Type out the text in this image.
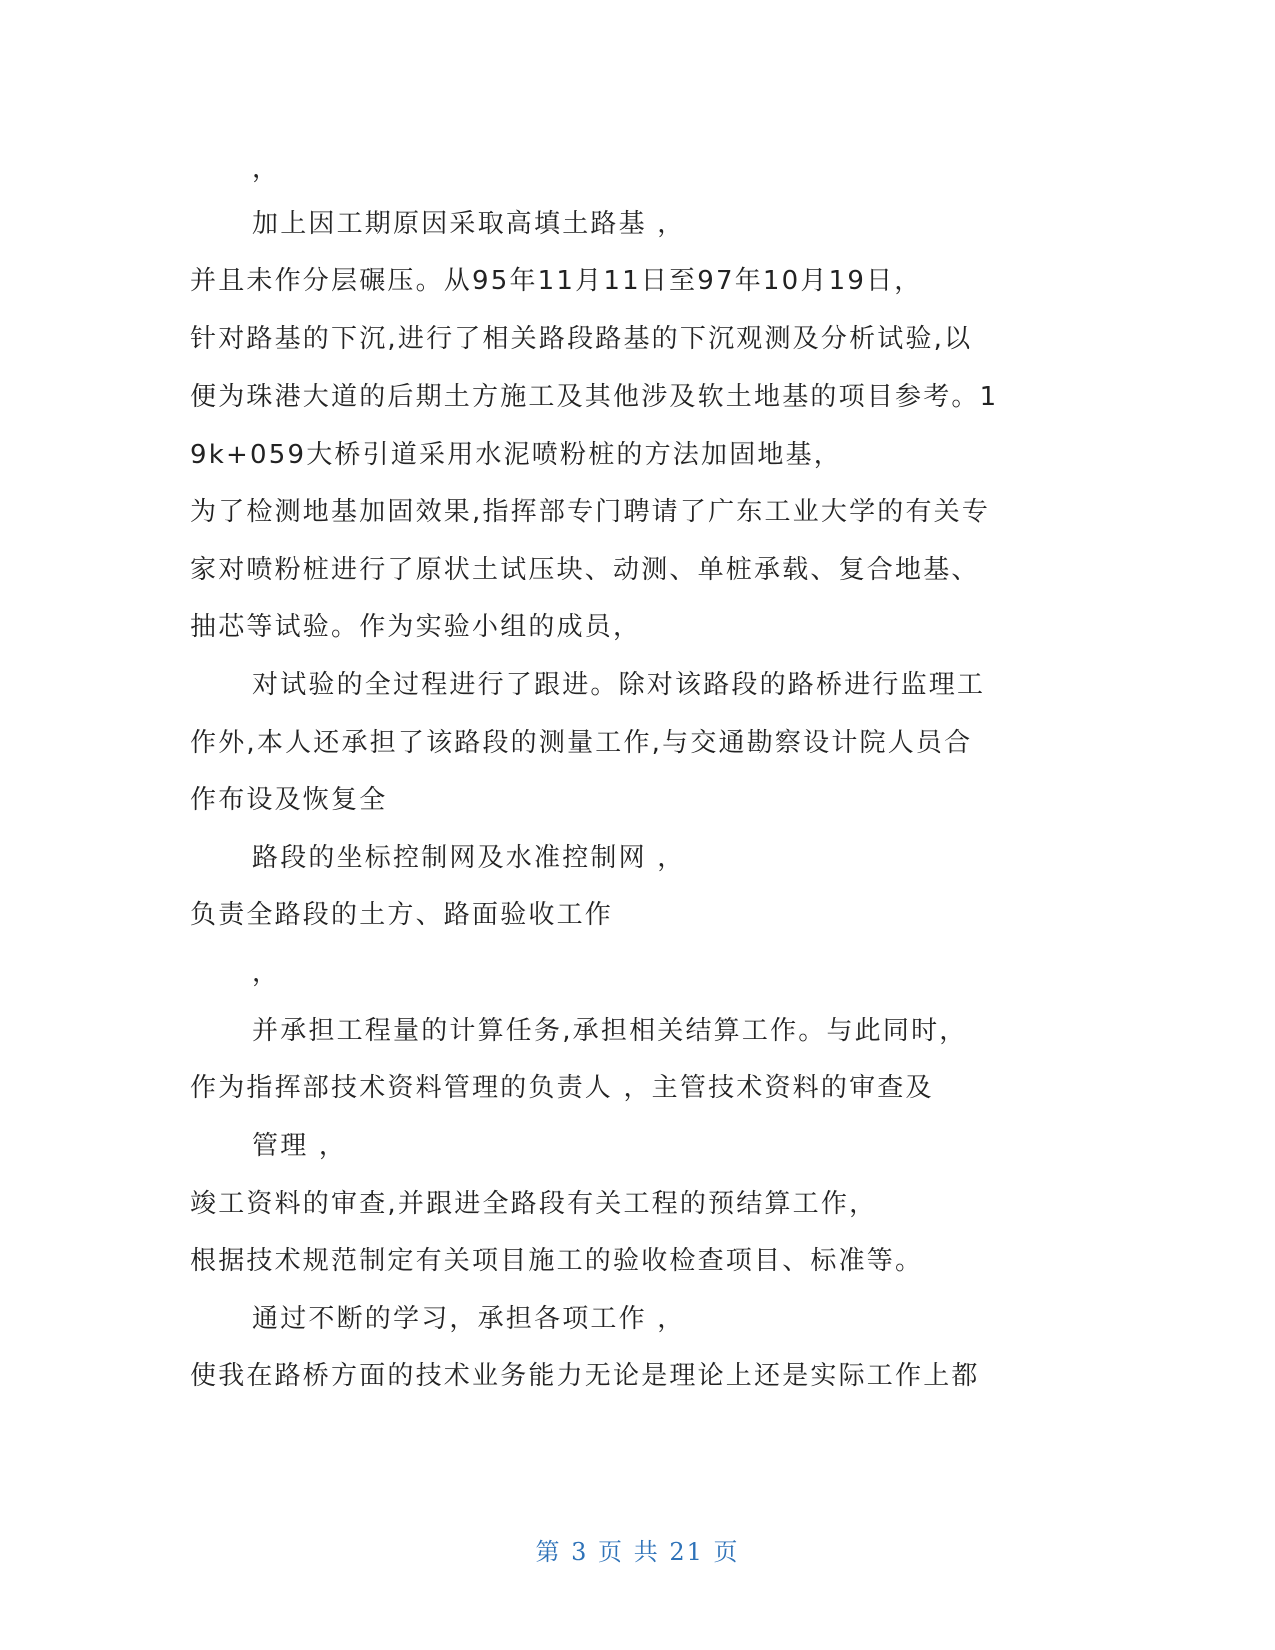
，
加上因工期原因采取高填土路基 ，
并且未作分层碾压。从95年11月11日至97年10月19日，
针对路基的下沉,进行了相关路段路基的下沉观测及分析试验,以
便为珠港大道的后期土方施工及其他涉及软土地基的项目参考。1
9k+059大桥引道采用水泥喷粉桩的方法加固地基，
为了检测地基加固效果,指挥部专门聘请了广东工业大学的有关专
家对喷粉桩进行了原状土试压块、动测、单桩承载、复合地基、
抽芯等试验。作为实验小组的成员，
对试验的全过程进行了跟进。除对该路段的路桥进行监理工
作外,本人还承担了该路段的测量工作,与交通勘察设计院人员合
作布设及恢复全
路段的坐标控制网及水准控制网 ，
负责全路段的土方、路面验收工作
，
并承担工程量的计算任务,承担相关结算工作。与此同时，
作为指挥部技术资料管理的负责人 ，主管技术资料的审查及
管理 ，
竣工资料的审查,并跟进全路段有关工程的预结算工作，
根据技术规范制定有关项目施工的验收检查项目、标准等。
通过不断的学习，承担各项工作 ，
使我在路桥方面的技术业务能力无论是理论上还是实际工作上都
第 3 页 共 21 页
